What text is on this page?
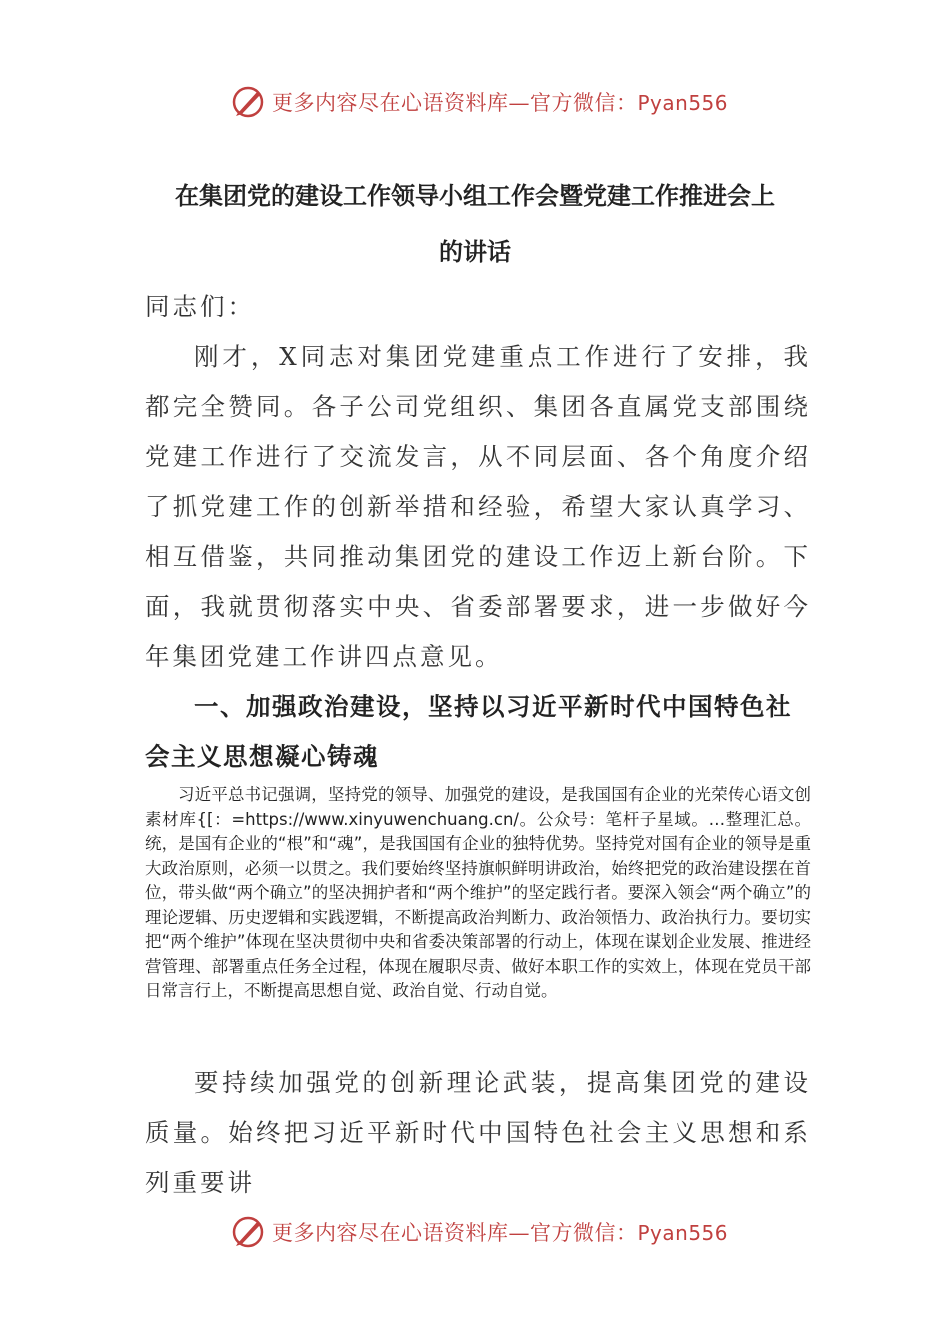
更多内容尽在心语资料库—官方微信：Pyan556
在集团党的建设工作领导小组工作会暨党建工作推进会上
的讲话
同志们：
刚才，X同志对集团党建重点工作进行了安排，我都完全赞同。各子公司党组织、集团各直属党支部围绕党建工作进行了交流发言，从不同层面、各个角度介绍了抓党建工作的创新举措和经验，希望大家认真学习、相互借鉴，共同推动集团党的建设工作迈上新台阶。下面，我就贯彻落实中央、省委部署要求，进一步做好今年集团党建工作讲四点意见。
一、加强政治建设，坚持以习近平新时代中国特色社会主义思想凝心铸魂
习近平总书记强调，坚持党的领导、加强党的建设，是我国国有企业的光荣传心语文创素材库{[：=https://www.xinyuwenchuang.cn/。公众号：笔杆子星域。…整理汇总。统，是国有企业的“根”和“魂”，是我国国有企业的独特优势。坚持党对国有企业的领导是重大政治原则，必须一以贯之。我们要始终坚持旗帜鲜明讲政治，始终把党的政治建设摆在首位，带头做“两个确立”的坚决拥护者和“两个维护”的坚定践行者。要深入领会“两个确立”的理论逻辑、历史逻辑和实践逻辑，不断提高政治判断力、政治领悟力、政治执行力。要切实把“两个维护”体现在坚决贯彻中央和省委决策部署的行动上，体现在谋划企业发展、推进经营管理、部署重点任务全过程，体现在履职尽责、做好本职工作的实效上，体现在党员干部日常言行上，不断提高思想自觉、政治自觉、行动自觉。
要持续加强党的创新理论武装，提高集团党的建设质量。始终把习近平新时代中国特色社会主义思想和系列重要讲
更多内容尽在心语资料库—官方微信：Pyan556
